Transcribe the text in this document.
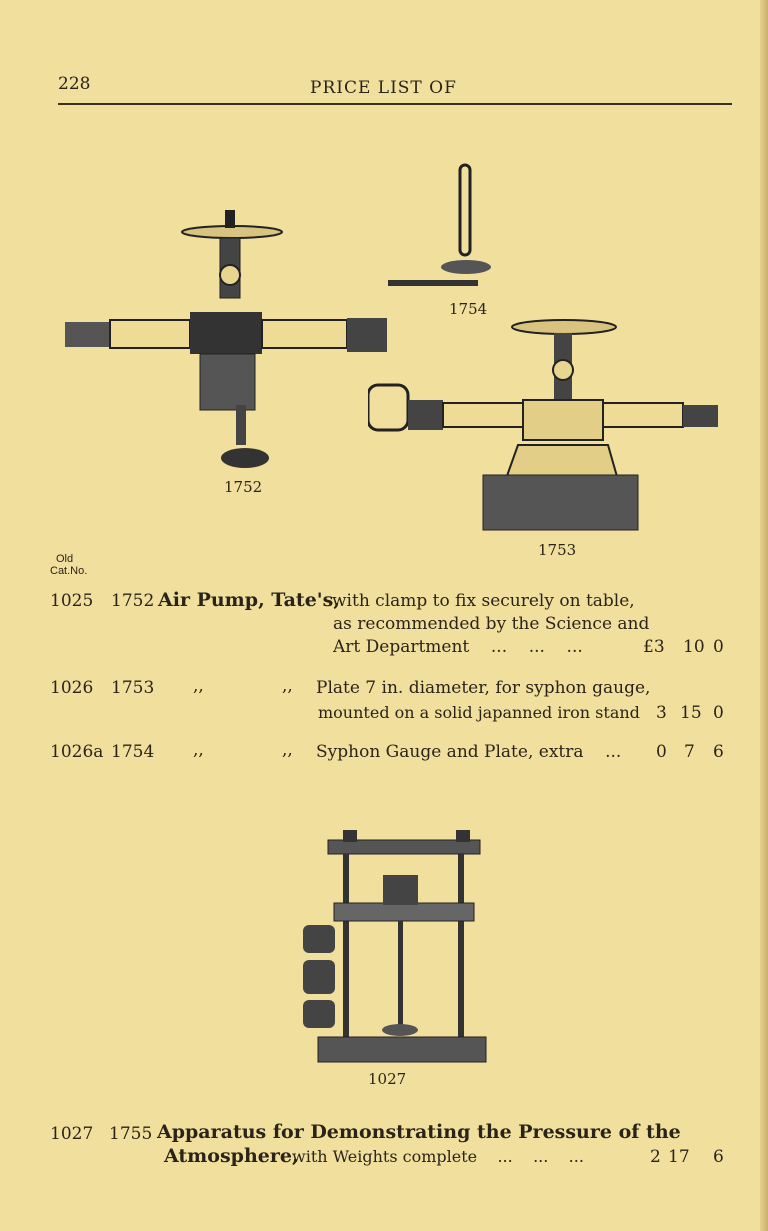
228	PRICE LIST OF
1752
1754
1753
Old
Cat.No.
1025 1752 Air Pump, Tate's,
with clamp to fix securely on table,
as recommended by the Science and
Art Department    ...    ...    ...	£3 10 0
1026 1753 ,,	,, Plate 7 in. diameter, for syphon gauge,
mounted on a solid japanned iron stand 3 15 0
1026a 1754 ,,	,, Syphon Gauge and Plate, extra    ... 0 7 6
1027
1027 1755 Apparatus for Demonstrating the Pressure of the
Atmosphere,
with Weights complete    ...    ...    ...	2 17 6
